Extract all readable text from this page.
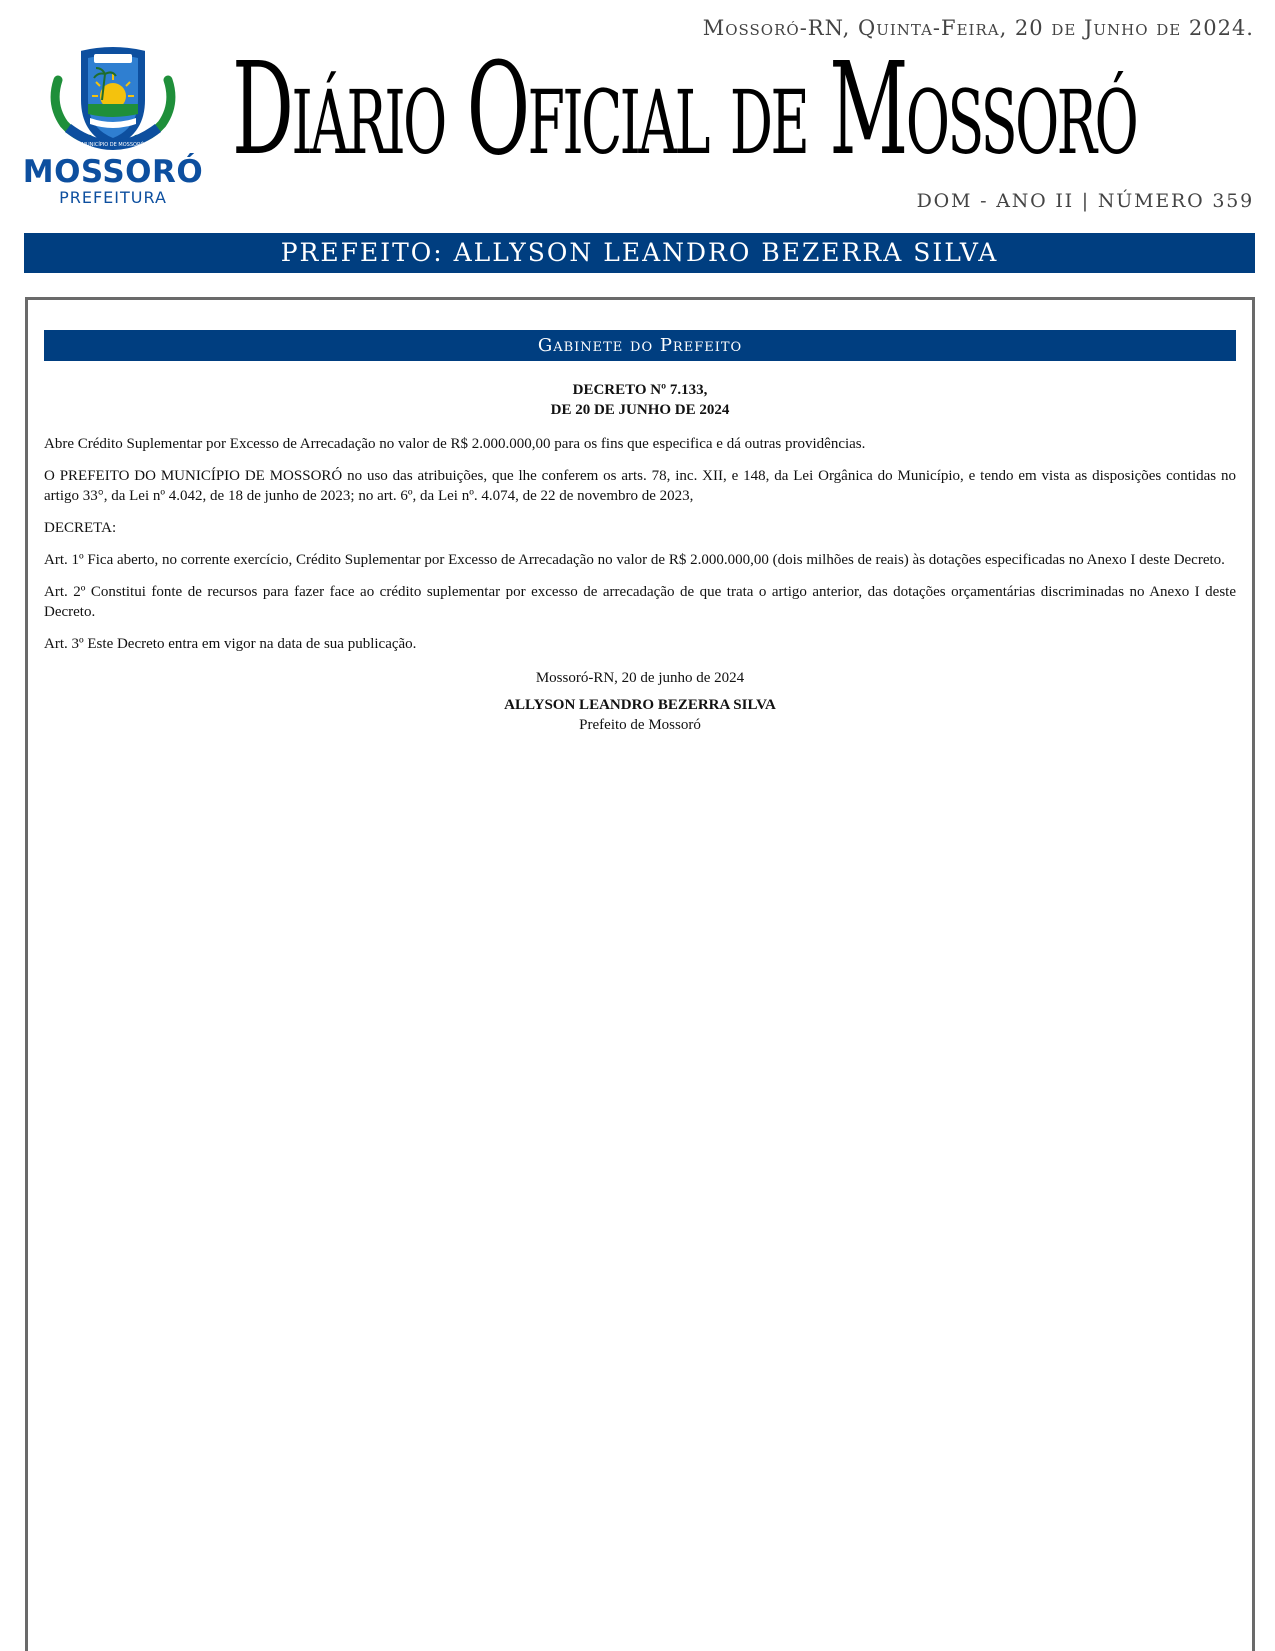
MUNICÍPIO DE MOSSORÓ
MOSSORÓ
PREFEITURA
Mossoró-RN, Quinta-Feira, 20 de Junho de 2024.
Diário Oficial de Mossoró
DOM - ANO II | NÚMERO 359
PREFEITO: ALLYSON LEANDRO BEZERRA SILVA
Gabinete do Prefeito
DECRETO Nº 7.133,
DE 20 DE JUNHO DE 2024

Abre Crédito Suplementar por Excesso de Arrecadação no valor de R$ 2.000.000,00 para os fins que especifica e dá outras providências.

O PREFEITO DO MUNICÍPIO DE MOSSORÓ no uso das atribuições, que lhe conferem os arts. 78, inc. XII, e 148, da Lei Orgânica do Município, e tendo em vista as disposições contidas no artigo 33°, da Lei nº 4.042, de 18 de junho de 2023; no art. 6º, da Lei nº. 4.074, de 22 de novembro de 2023,

DECRETA:

Art. 1º Fica aberto, no corrente exercício, Crédito Suplementar por Excesso de Arrecadação no valor de R$ 2.000.000,00 (dois milhões de reais) às dotações especificadas no Anexo I deste Decreto.

Art. 2º Constitui fonte de recursos para fazer face ao crédito suplementar por excesso de arrecadação de que trata o artigo anterior, das dotações orçamentárias discriminadas no Anexo I deste Decreto.

Art. 3º Este Decreto entra em vigor na data de sua publicação.

Mossoró-RN, 20 de junho de 2024
ALLYSON LEANDRO BEZERRA SILVA
Prefeito de Mossoró
